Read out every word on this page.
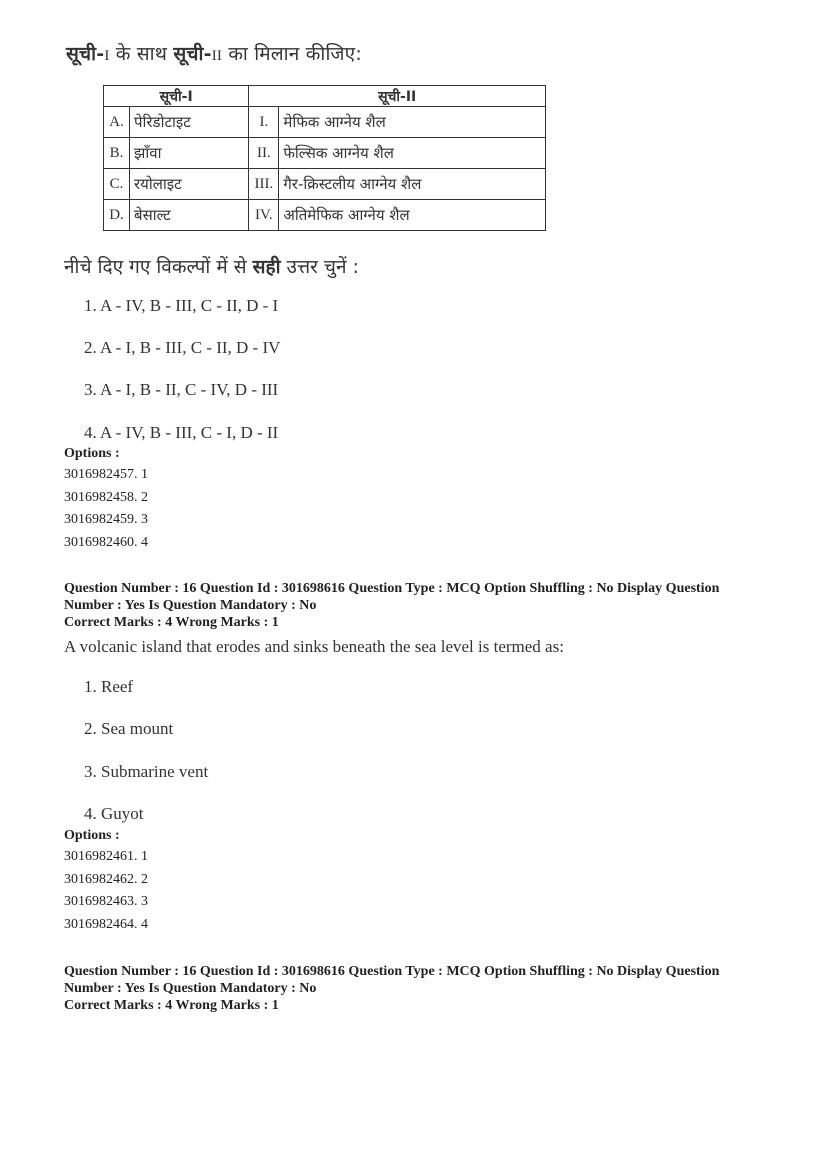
सूची-I के साथ सूची-II का मिलान कीजिए:
सूची-I		सूची-II	
A.	पेरिडोटाइट	I.	मेफिक आग्नेय शैल
B.	झाँवा	II.	फेल्सिक आग्नेय शैल
C.	रयोलाइट	III.	गैर-क्रिस्टलीय आग्नेय शैल
D.	बेसाल्ट	IV.	अतिमेफिक आग्नेय शैल
नीचे दिए गए विकल्पों में से सही उत्तर चुनें :
1. A - IV, B - III, C - II, D - I
2. A - I, B - III, C - II, D - IV
3. A - I, B - II, C - IV, D - III
4. A - IV, B - III, C - I, D - II
Options :
3016982457. 1
3016982458. 2
3016982459. 3
3016982460. 4
Question Number : 16 Question Id : 301698616 Question Type : MCQ Option Shuffling : No Display Question
Number : Yes Is Question Mandatory : No
Correct Marks : 4 Wrong Marks : 1
A volcanic island that erodes and sinks beneath the sea level is termed as:
1. Reef
2. Sea mount
3. Submarine vent
4. Guyot
Options :
3016982461. 1
3016982462. 2
3016982463. 3
3016982464. 4
Question Number : 16 Question Id : 301698616 Question Type : MCQ Option Shuffling : No Display Question
Number : Yes Is Question Mandatory : No
Correct Marks : 4 Wrong Marks : 1
